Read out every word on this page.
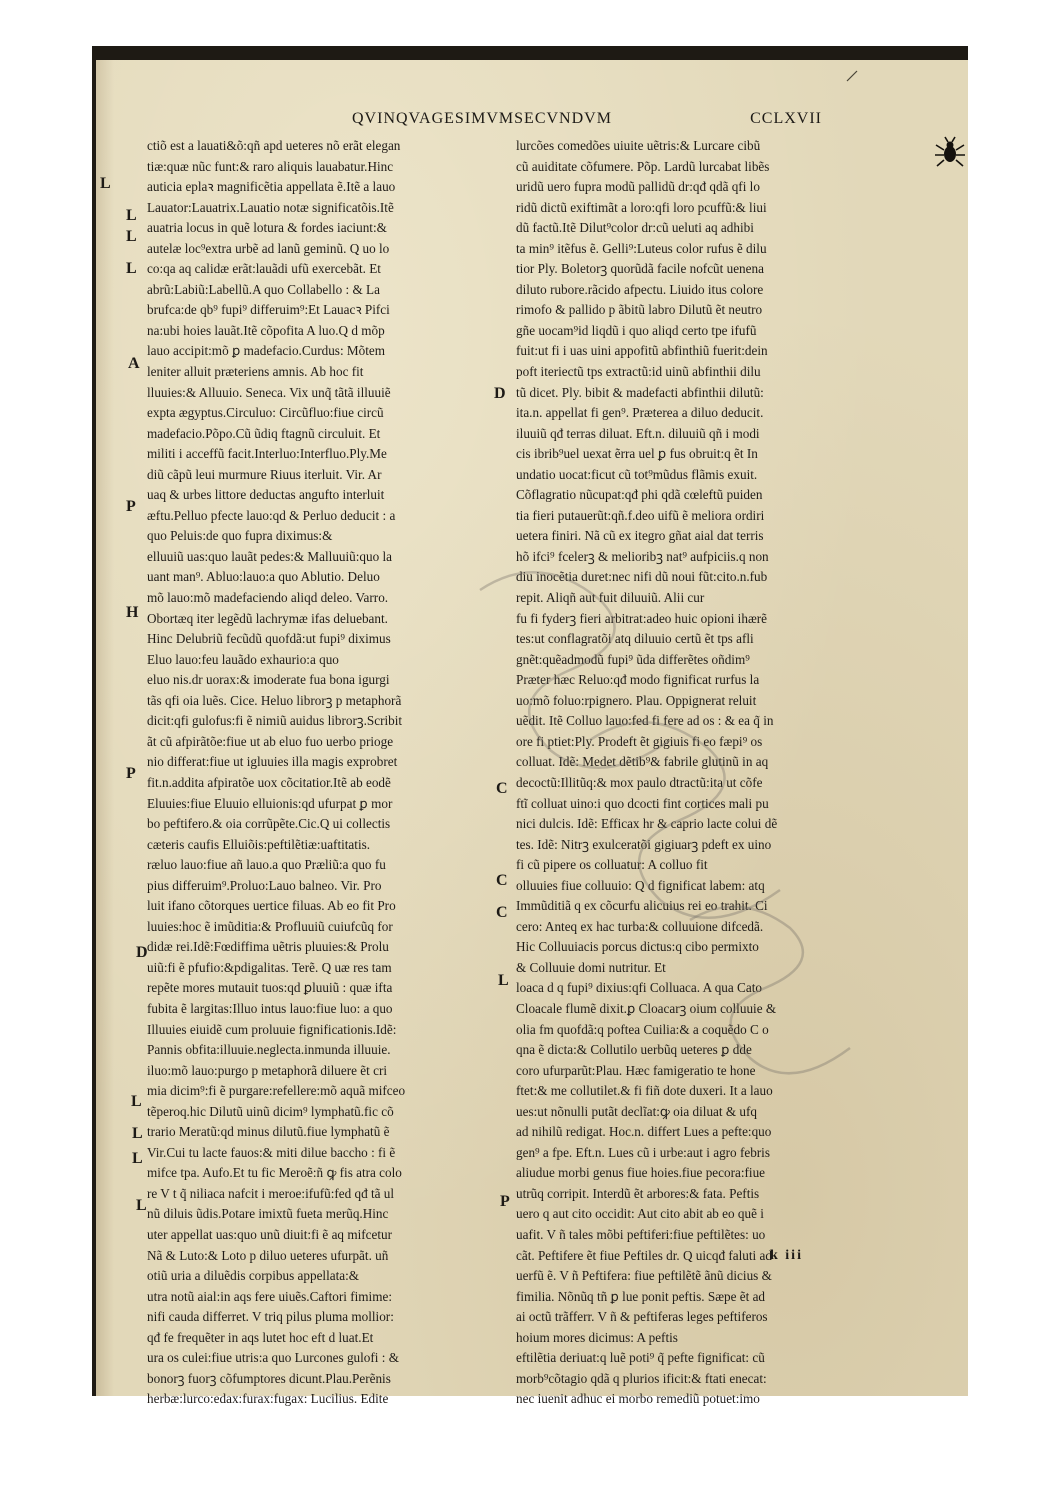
QVINQVAGESIMVMSECVNDVM	CCLXVII
ctiõ est a lauati&õ:qñ apd ueteres nõ erãt elegan
tiæ:quæ nũc funt:& raro aliquis lauabatur.Hinc
auticia eplaꝛ magnificẽtia appellata ẽ.Itẽ a lauo
Lauator:Lauatrix.Lauatio notæ significatõis.Itẽ
auatria locus in quẽ lotura & fordes iaciunt:&
autelæ loc⁹extra urbẽ ad lanũ geminũ. Q uo lo
co:qa aq calidæ erãt:lauãdi ufũ exercebãt. Et
abrũ:Labiũ:Labellũ.A quo Collabello : & La
brufca:de qb⁹ fupi⁹ differuim⁹:Et Lauacꝛ Pifci
na:ubi hoies lauãt.Itẽ cõpofita A luo.Q d mõp
lauo accipit:mõ ꝑ madefacio.Curdus: Mõtem
leniter alluit præteriens amnis. Ab hoc fit
lluuies:& Alluuio. Seneca. Vix unq̃ tãtã illuuiẽ
expta ægyptus.Circuluo: Circũfluo:fiue circũ
madefacio.Põpo.Cũ ũdiq ftagnũ circuluit. Et
militi i acceffũ facit.Interluo:Interfluo.Ply.Me
diũ cãpũ leui murmure Riuus iterluit. Vir. Ar
uaq & urbes littore deductas angufto interluit
æftu.Pelluo pfecte lauo:qd & Perluo deducit : a
quo Peluis:de quo fupra diximus:&
elluuiũ uas:quo lauãt pedes:& Malluuiũ:quo la
uant man⁹. Abluo:lauo:a quo Ablutio. Deluo
mõ lauo:mõ madefaciendo aliqd deleo. Varro.
Obortæq iter legẽdũ lachrymæ ifas deluebant.
Hinc Delubriũ fecũdũ quofdã:ut fupi⁹ diximus
Eluo lauo:feu lauãdo exhaurio:a quo
eluo nis.dr uorax:& imoderate fua bona igurgi
tãs qfi oia luẽs. Cice. Heluo librorꝫ p metaphorã
dicit:qfi gulofus:fi ẽ nimiũ auidus librorꝫ.Scribit
ãt cũ afpirãtõe:fiue ut ab eluo fuo uerbo prioge
nio differat:fiue ut igluuies illa magis exprobret
fit.n.addita afpiratõe uox cõcitatior.Itẽ ab eodẽ
Eluuies:fiue Eluuio elluionis:qd ufurpat ꝑ mor
bo peftifero.& oia corrũpẽte.Cic.Q ui collectis
cæteris caufis Elluiõis:peftilẽtiæ:uaftitatis.
ræluo lauo:fiue añ lauo.a quo Præliũ:a quo fu
pius differuim⁹.Proluo:Lauo balneo. Vir. Pro
luit ifano cõtorques uertice filuas. Ab eo fit Pro
luuies:hoc ẽ imũditia:& Profluuiũ cuiufcũq for
didæ rei.Idẽ:Fœdiffima uẽtris pluuies:& Prolu
uiũ:fi ẽ pfufio:&pdigalitas. Terẽ. Q uæ res tam
repẽte mores mutauit tuos:qd ꝑluuiũ : quæ ifta
fubita ẽ largitas:Illuo intus lauo:fiue luo: a quo
Illuuies eiuidẽ cum proluuie fignificationis.Idẽ:
Pannis obfita:illuuie.neglecta.inmunda illuuie.
iluo:mõ lauo:purgo p metaphorã diluere ẽt cri
mia dicim⁹:fi ẽ purgare:refellere:mõ aquã mifceo
tẽperoq.hic Dilutũ uinũ dicim⁹ lymphatũ.fic cõ
trario Meratũ:qd minus dilutũ.fiue lymphatũ ẽ
Vir.Cui tu lacte fauos:& miti dilue baccho : fi ẽ
mifce tpa. Aufo.Et tu fic Meroẽ:ñ ꝙ fis atra colo
re V t q̃ niliaca nafcit i meroe:ifufũ:fed qđ tã ul
nũ diluis ũdis.Potare imixtũ fueta merũq.Hinc
uter appellat uas:quo unũ diuit:fi ẽ aq mifcetur
Nã & Luto:& Loto p diluo ueteres ufurpãt. uñ
otiũ uria a diluẽdis corpibus appellata:&
utra notũ aial:in aqs fere uiuẽs.Caftori fimime:
nifi cauda differret. V triq pilus pluma mollior:
qđ fe frequẽter in aqs lutet hoc eft d luat.Et
ura os culei:fiue utris:a quo Lurcones gulofi : &
bonorꝫ fuorꝫ cõfumptores dicunt.Plau.Perẽnis
herbæ:lurco:edax:furax:fugax: Lucilius. Edite
lurcões comedões uiuite uẽtris:& Lurcare cibũ
cũ auiditate cõfumere. Põp. Lardũ lurcabat libẽs
uridũ uero fupra modũ pallidũ dr:qđ qdã qfi lo
ridũ dictũ exiftimãt a loro:qfi loro pcuffũ:& liui
dũ factũ.Itẽ Dilut⁹color dr:cũ ueluti aq adhibi
ta min⁹ itẽfus ẽ. Gelli⁹:Luteus color rufus ẽ dilu
tior Ply. Boletorꝫ quorũdã facile nofcũt uenena
diluto rubore.rãcido afpectu. Liuido itus colore
rimofo & pallido p ãbitũ labro Dilutũ ẽt neutro
gñe uocam⁹id liqdũ i quo aliqd certo tpe ifufũ
fuit:ut fi i uas uini appofitũ abfinthiũ fuerit:dein
poft iteriectũ tps extractũ:id uinũ abfinthii dilu
tũ dicet. Ply. bibit & madefacti abfinthii dilutũ:
ita.n. appellat fi gen⁹. Præterea a diluo deducit.
iluuiũ qđ terras diluat. Eft.n. diluuiũ qñ i modi
cis ibrib⁹uel uexat ẽrra uel ꝑ fus obruit:q ẽt In
undatio uocat:ficut cũ tot⁹mũdus flãmis exuit.
Cõflagratio nũcupat:qđ phi qdã cœleftũ puiden
tia fieri putauerũt:qñ.f.deo uifũ ẽ meliora ordiri
uetera finiri. Nã cũ ex itegro gñat aial dat terris
hõ ifci⁹ fcelerꝫ & melioribꝫ nat⁹ aufpiciis.q non
diu inocẽtia duret:nec nifi dũ noui fũt:cito.n.fub
repit. Aliqñ aut fuit diluuiũ. Alii cur
fu fi fyderꝫ fieri arbitrat:adeo huic opioni ihærẽ
tes:ut conflagratõi atq diluuio certũ ẽt tps afli
gnẽt:quẽadmodũ fupi⁹ ũda differẽtes oñdim⁹
Præter hæc Reluo:qđ modo fignificat rurfus la
uo:mõ foluo:rpignero. Plau. Oppignerat reluit
uẽdit. Itẽ Colluo lauo:fed fi fere ad os : & ea q̃ in
ore fi ptiet:Ply. Prodeft ẽt gigiuis fi eo fæpi⁹ os
colluat. Idẽ: Medet dẽtib⁹& fabrile glutinũ in aq
decoctũ:Illitũq:& mox paulo dtractũ:ita ut cõfe
ftĩ colluat uino:i quo dcocti fint cortices mali pu
nici dulcis. Idẽ: Efficax hr & caprio lacte colui dẽ
tes. Idẽ: Nitrꝫ exulceratõi gigiuarꝫ pdeft ex uino
fi cũ pipere os colluatur: A colluo fit
olluuies fiue colluuio: Q d fignificat labem: atq
Immũditiã q ex cõcurfu alicuius rei eo trahit. Ci
cero: Anteq ex hac turba:& colluuione difcedã.
Hic Colluuiacis porcus dictus:q cibo permixto
& Colluuie domi nutritur. Et
loaca d q fupi⁹ dixius:qfi Colluaca. A qua Cato
Cloacale flumẽ dixit.ꝑ Cloacarꝫ oium colluuie &
olia fm quofdã:q poftea Cuilia:& a coquẽdo C o
qna ẽ dicta:& Collutilo uerbũq ueteres ꝑ dde
coro ufurparũt:Plau. Hæc famigeratio te hone
ftet:& me collutilet.& fi fiñ dote duxeri. It a lauo
ues:ut nõnulli putãt declĩat:ꝙ oia diluat & ufq
ad nihilũ redigat. Hoc.n. differt Lues a pefte:quo
gen⁹ a fpe. Eft.n. Lues cũ i urbe:aut i agro febris
aliudue morbi genus fiue hoies.fiue pecora:fiue
utrũq corripit. Interdũ ẽt arbores:& fata. Peftis
uero q aut cito occidit: Aut cito abit ab eo quẽ i
uafit. V ñ tales mõbi peftiferi:fiue peftilẽtes: uo
cãt. Peftifere ẽt fiue Peftiles dr. Q uicqđ faluti ad
uerfũ ẽ. V ñ Peftifera: fiue peftilẽtẽ ãnũ dicius &
fimilia. Nõnũq tñ ꝑ lue ponit peftis. Sæpe ẽt ad
ai octũ trãfferr. V ñ & peftiferas leges peftiferos
hoium mores dicimus: A peftis
eftilẽtia deriuat:q luẽ poti⁹ q̃ pefte fignificat: cũ
morb⁹cõtagio qdã q plurios ificit:& ftati enecat:
nec iuenit adhuc ei morbo remediũ potuet:imo
L
L
L
L
A
P
H
P
D
L
L
L
L
D
C
C
C
L
P
k iii
